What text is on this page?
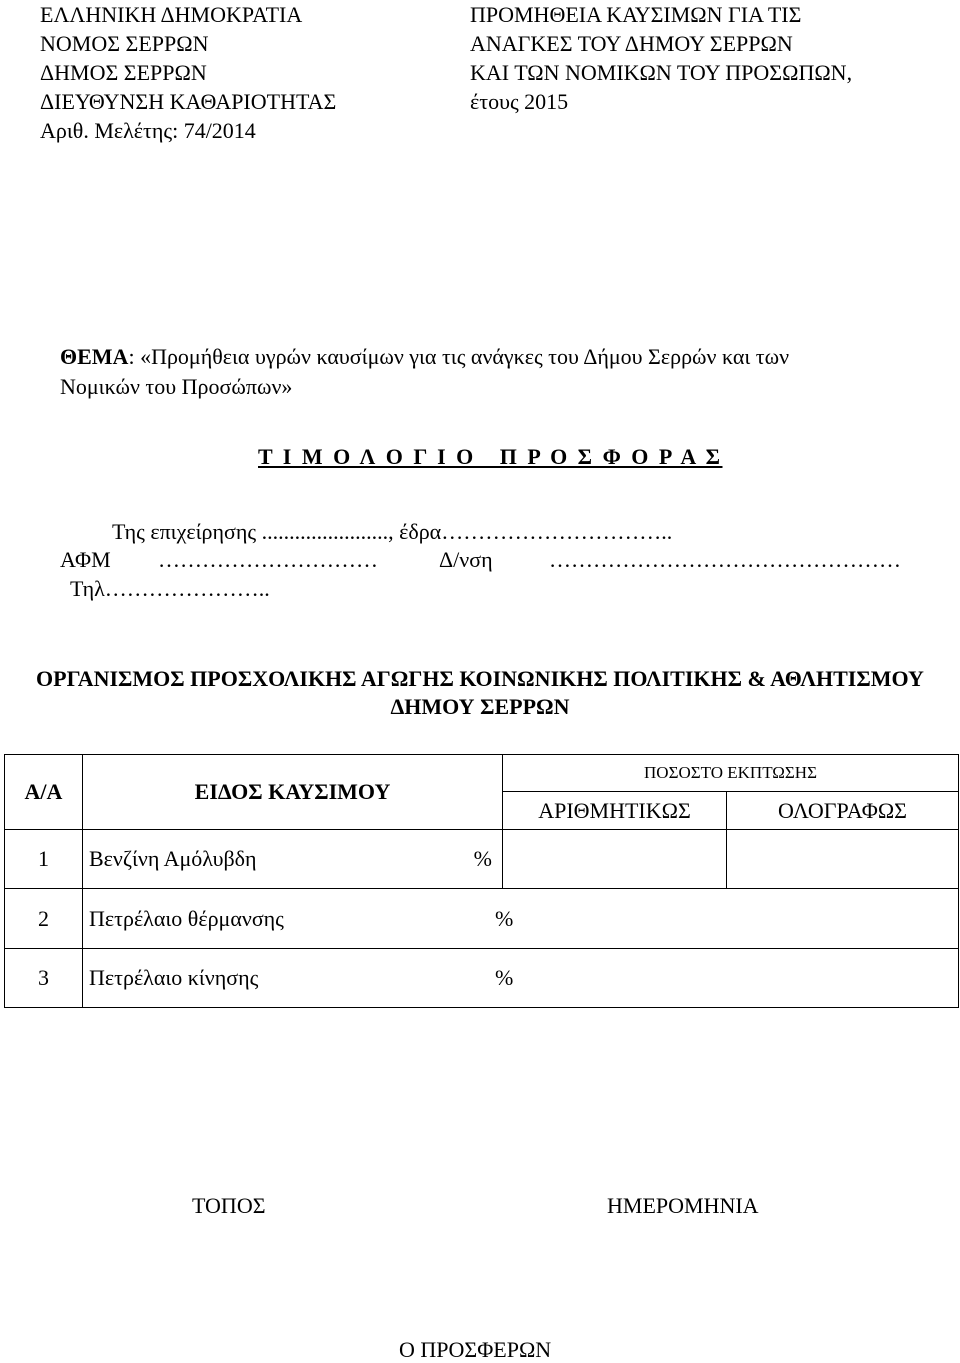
ΕΛΛΗΝΙΚΗ ΔΗΜΟΚΡΑΤΙΑ
ΝΟΜΟΣ ΣΕΡΡΩΝ
ΔΗΜΟΣ ΣΕΡΡΩΝ
ΔΙΕΥΘΥΝΣΗ ΚΑΘΑΡΙΟΤΗΤΑΣ
Αριθ. Μελέτης: 74/2014
ΠΡΟΜΗΘΕΙΑ ΚΑΥΣΙΜΩΝ ΓΙΑ ΤΙΣ
ΑΝΑΓΚΕΣ ΤΟΥ ΔΗΜΟΥ ΣΕΡΡΩΝ
ΚΑΙ ΤΩΝ ΝΟΜΙΚΩΝ ΤΟΥ ΠΡΟΣΩΠΩΝ,
έτους 2015
ΘΕΜΑ: «Προμήθεια υγρών καυσίμων για τις ανάγκες του Δήμου Σερρών και των
Νομικών του Προσώπων»
Τ Ι Μ Ο Λ Ο Γ Ι Ο   Π Ρ Ο Σ Φ Ο Ρ Α Σ
Της επιχείρησης ......................., έδρα…………………………..
ΑΦΜ …………………………	Δ/νση	…………………………………………
Τηλ…………………..
ΟΡΓΑΝΙΣΜΟΣ ΠΡΟΣΧΟΛΙΚΗΣ ΑΓΩΓΗΣ ΚΟΙΝΩΝΙΚΗΣ ΠΟΛΙΤΙΚΗΣ & ΑΘΛΗΤΙΣΜΟΥ ΔΗΜΟΥ ΣΕΡΡΩΝ
Α/Α	ΕΙΔΟΣ ΚΑΥΣΙΜΟΥ	ΠΟΣΟΣΤΟ ΕΚΠΤΩΣΗΣ	
		ΑΡΙΘΜΗΤΙΚΩΣ	ΟΛΟΓΡΑΦΩΣ
1	Βενζίνη Αμόλυβδη %		

2	Πετρέλαιο θέρμανσης %		

3	Πετρέλαιο κίνησης %		
ΤΟΠΟΣ	ΗΜΕΡΟΜΗΝΙΑ
Ο ΠΡΟΣΦΕΡΩΝ
